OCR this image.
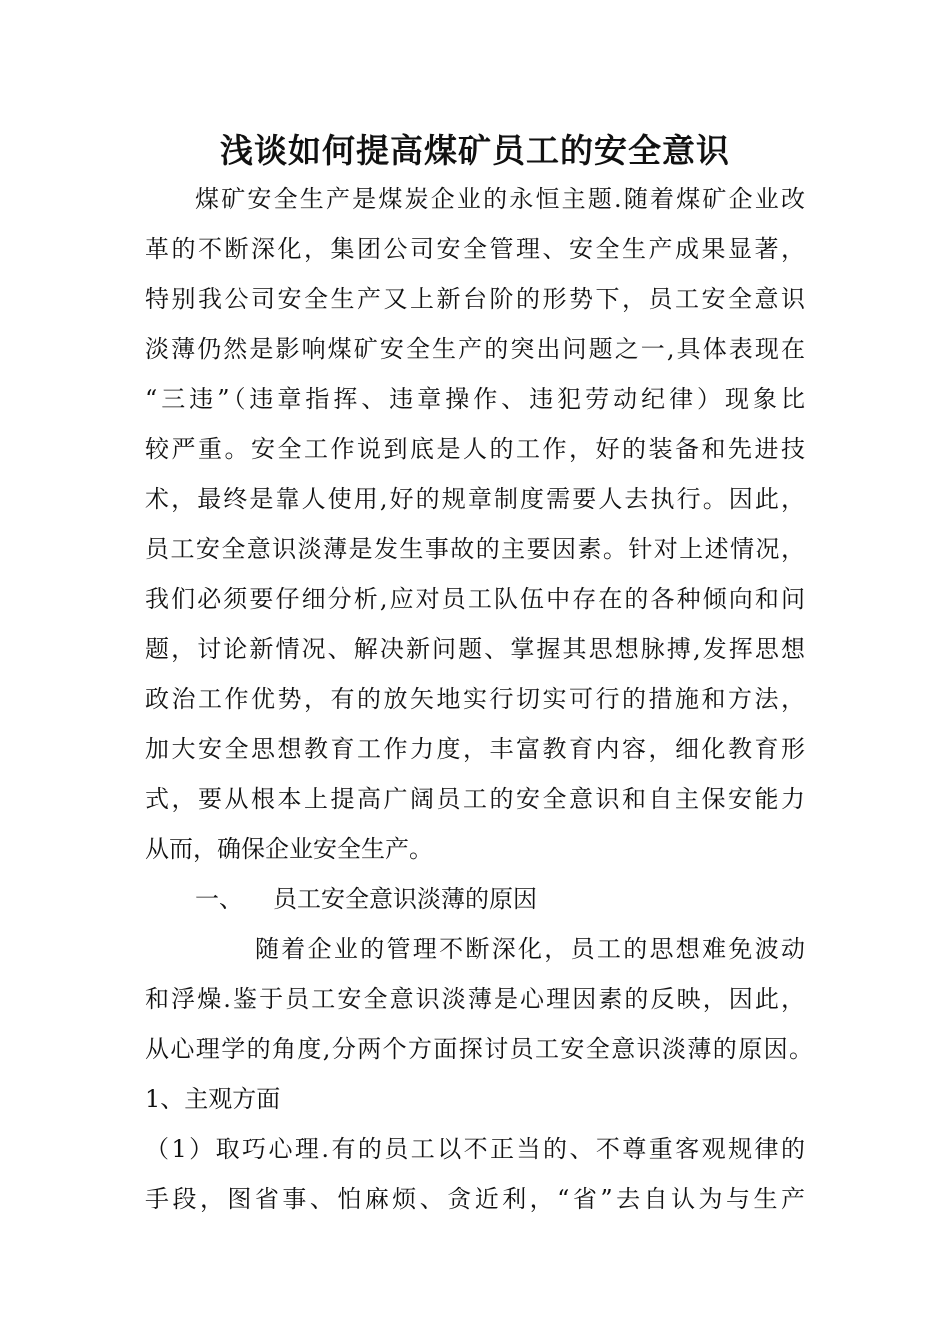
浅谈如何提高煤矿员工的安全意识
煤矿安全生产是煤炭企业的永恒主题.随着煤矿企业改
革的不断深化，集团公司安全管理、安全生产成果显著，
特别我公司安全生产又上新台阶的形势下，员工安全意识
淡薄仍然是影响煤矿安全生产的突出问题之一,具体表现在
“三违”（违章指挥、违章操作、违犯劳动纪律）现象比
较严重。安全工作说到底是人的工作，好的装备和先进技
术，最终是靠人使用,好的规章制度需要人去执行。因此，
员工安全意识淡薄是发生事故的主要因素。针对上述情况，
我们必须要仔细分析,应对员工队伍中存在的各种倾向和问
题，讨论新情况、解决新问题、掌握其思想脉搏,发挥思想
政治工作优势，有的放矢地实行切实可行的措施和方法，
加大安全思想教育工作力度，丰富教育内容，细化教育形
式，要从根本上提高广阔员工的安全意识和自主保安能力
从而，确保企业安全生产。
一、 员工安全意识淡薄的原因
随着企业的管理不断深化，员工的思想难免波动
和浮燥.鉴于员工安全意识淡薄是心理因素的反映，因此，
从心理学的角度,分两个方面探讨员工安全意识淡薄的原因。
1、主观方面
（1）取巧心理.有的员工以不正当的、不尊重客观规律的
手段，图省事、怕麻烦、贪近利，“省”去自认为与生产
